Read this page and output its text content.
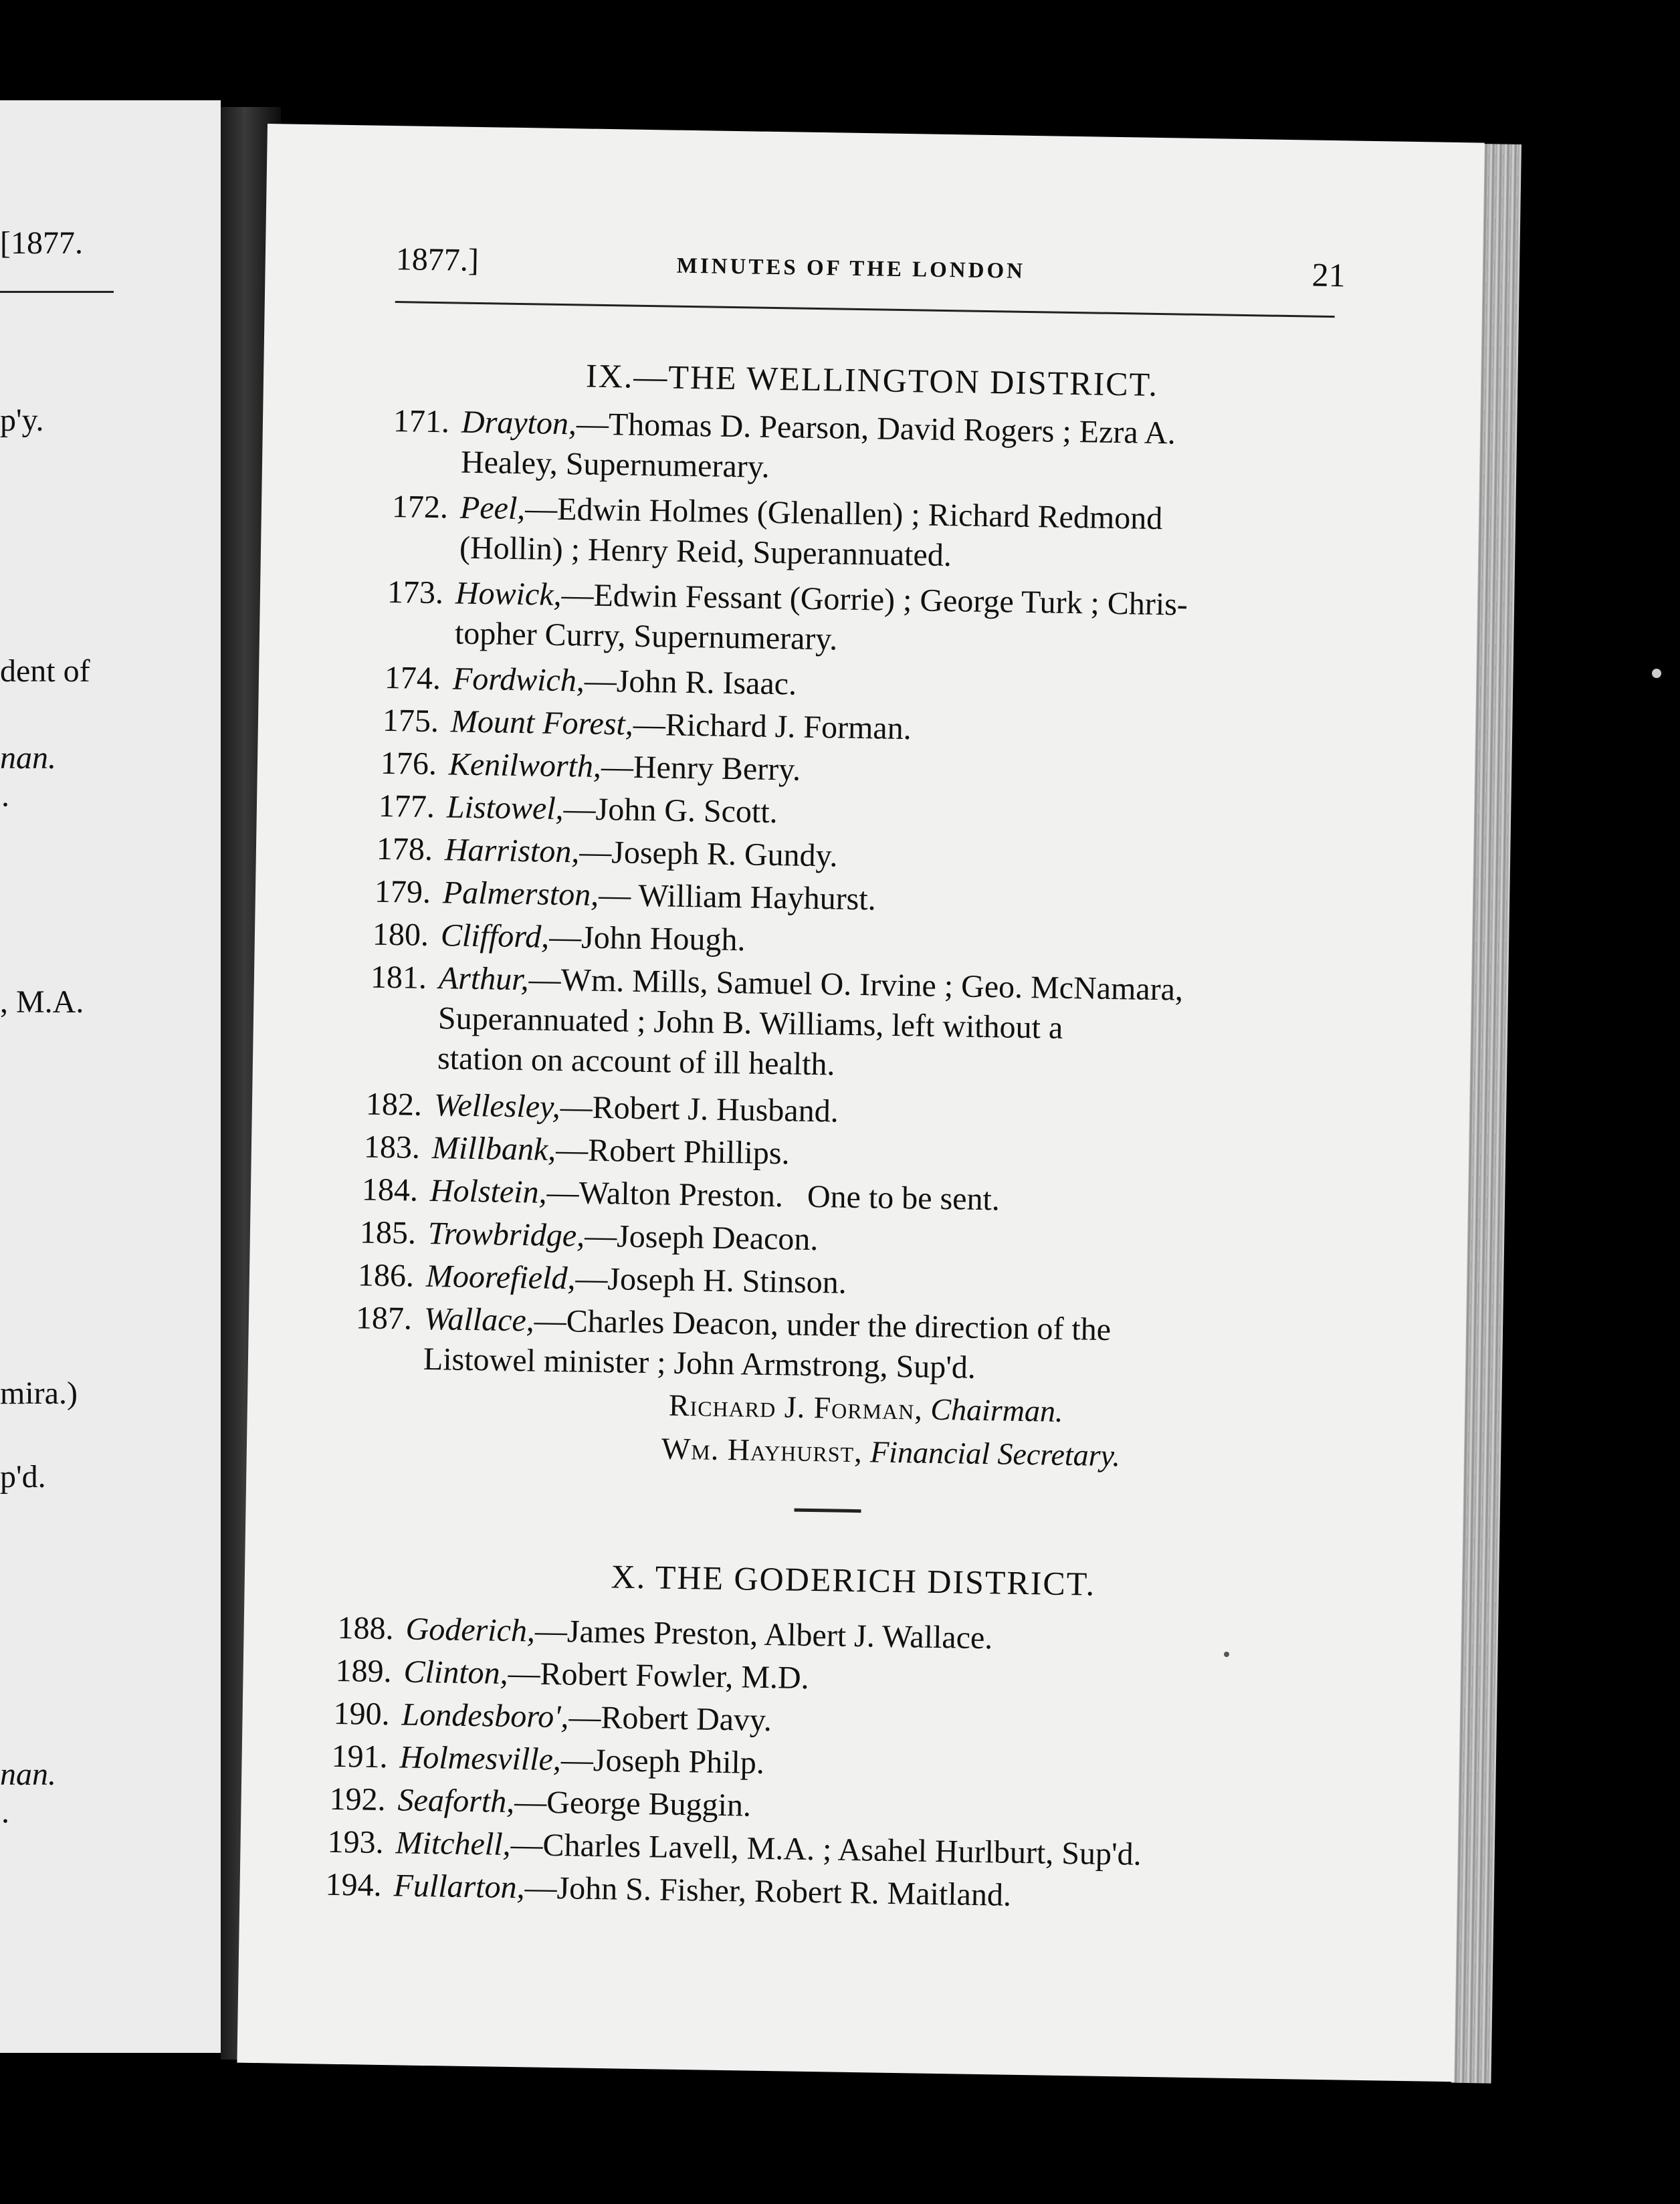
[1877.
p'y.
dent of
nan.
·
, M.A.
mira.)
p'd.
nan.
·
1877.]	MINUTES OF THE LONDON	21
IX.—THE WELLINGTON DISTRICT.
171. Drayton,—Thomas D. Pearson, David Rogers ; Ezra A.
Healey, Supernumerary.
172. Peel,—Edwin Holmes (Glenallen) ; Richard Redmond
(Hollin) ; Henry Reid, Superannuated.
173. Howick,—Edwin Fessant (Gorrie) ; George Turk ; Chris-
topher Curry, Supernumerary.
174. Fordwich,—John R. Isaac.
175. Mount Forest,—Richard J. Forman.
176. Kenilworth,—Henry Berry.
177. Listowel,—John G. Scott.
178. Harriston,—Joseph R. Gundy.
179. Palmerston,— William Hayhurst.
180. Clifford,—John Hough.
181. Arthur,—Wm. Mills, Samuel O. Irvine ; Geo. McNamara,
Superannuated ; John B. Williams, left without a
station on account of ill health.
182. Wellesley,—Robert J. Husband.
183. Millbank,—Robert Phillips.
184. Holstein,—Walton Preston.   One to be sent.
185. Trowbridge,—Joseph Deacon.
186. Moorefield,—Joseph H. Stinson.
187. Wallace,—Charles Deacon, under the direction of the
Listowel minister ; John Armstrong, Sup'd.
Richard J. Forman, Chairman.
Wm. Hayhurst, Financial Secretary.
X. THE GODERICH DISTRICT.
188. Goderich,—James Preston, Albert J. Wallace.
189. Clinton,—Robert Fowler, M.D.
190. Londesboro',—Robert Davy.
191. Holmesville,—Joseph Philp.
192. Seaforth,—George Buggin.
193. Mitchell,—Charles Lavell, M.A. ; Asahel Hurlburt, Sup'd.
194. Fullarton,—John S. Fisher, Robert R. Maitland.
